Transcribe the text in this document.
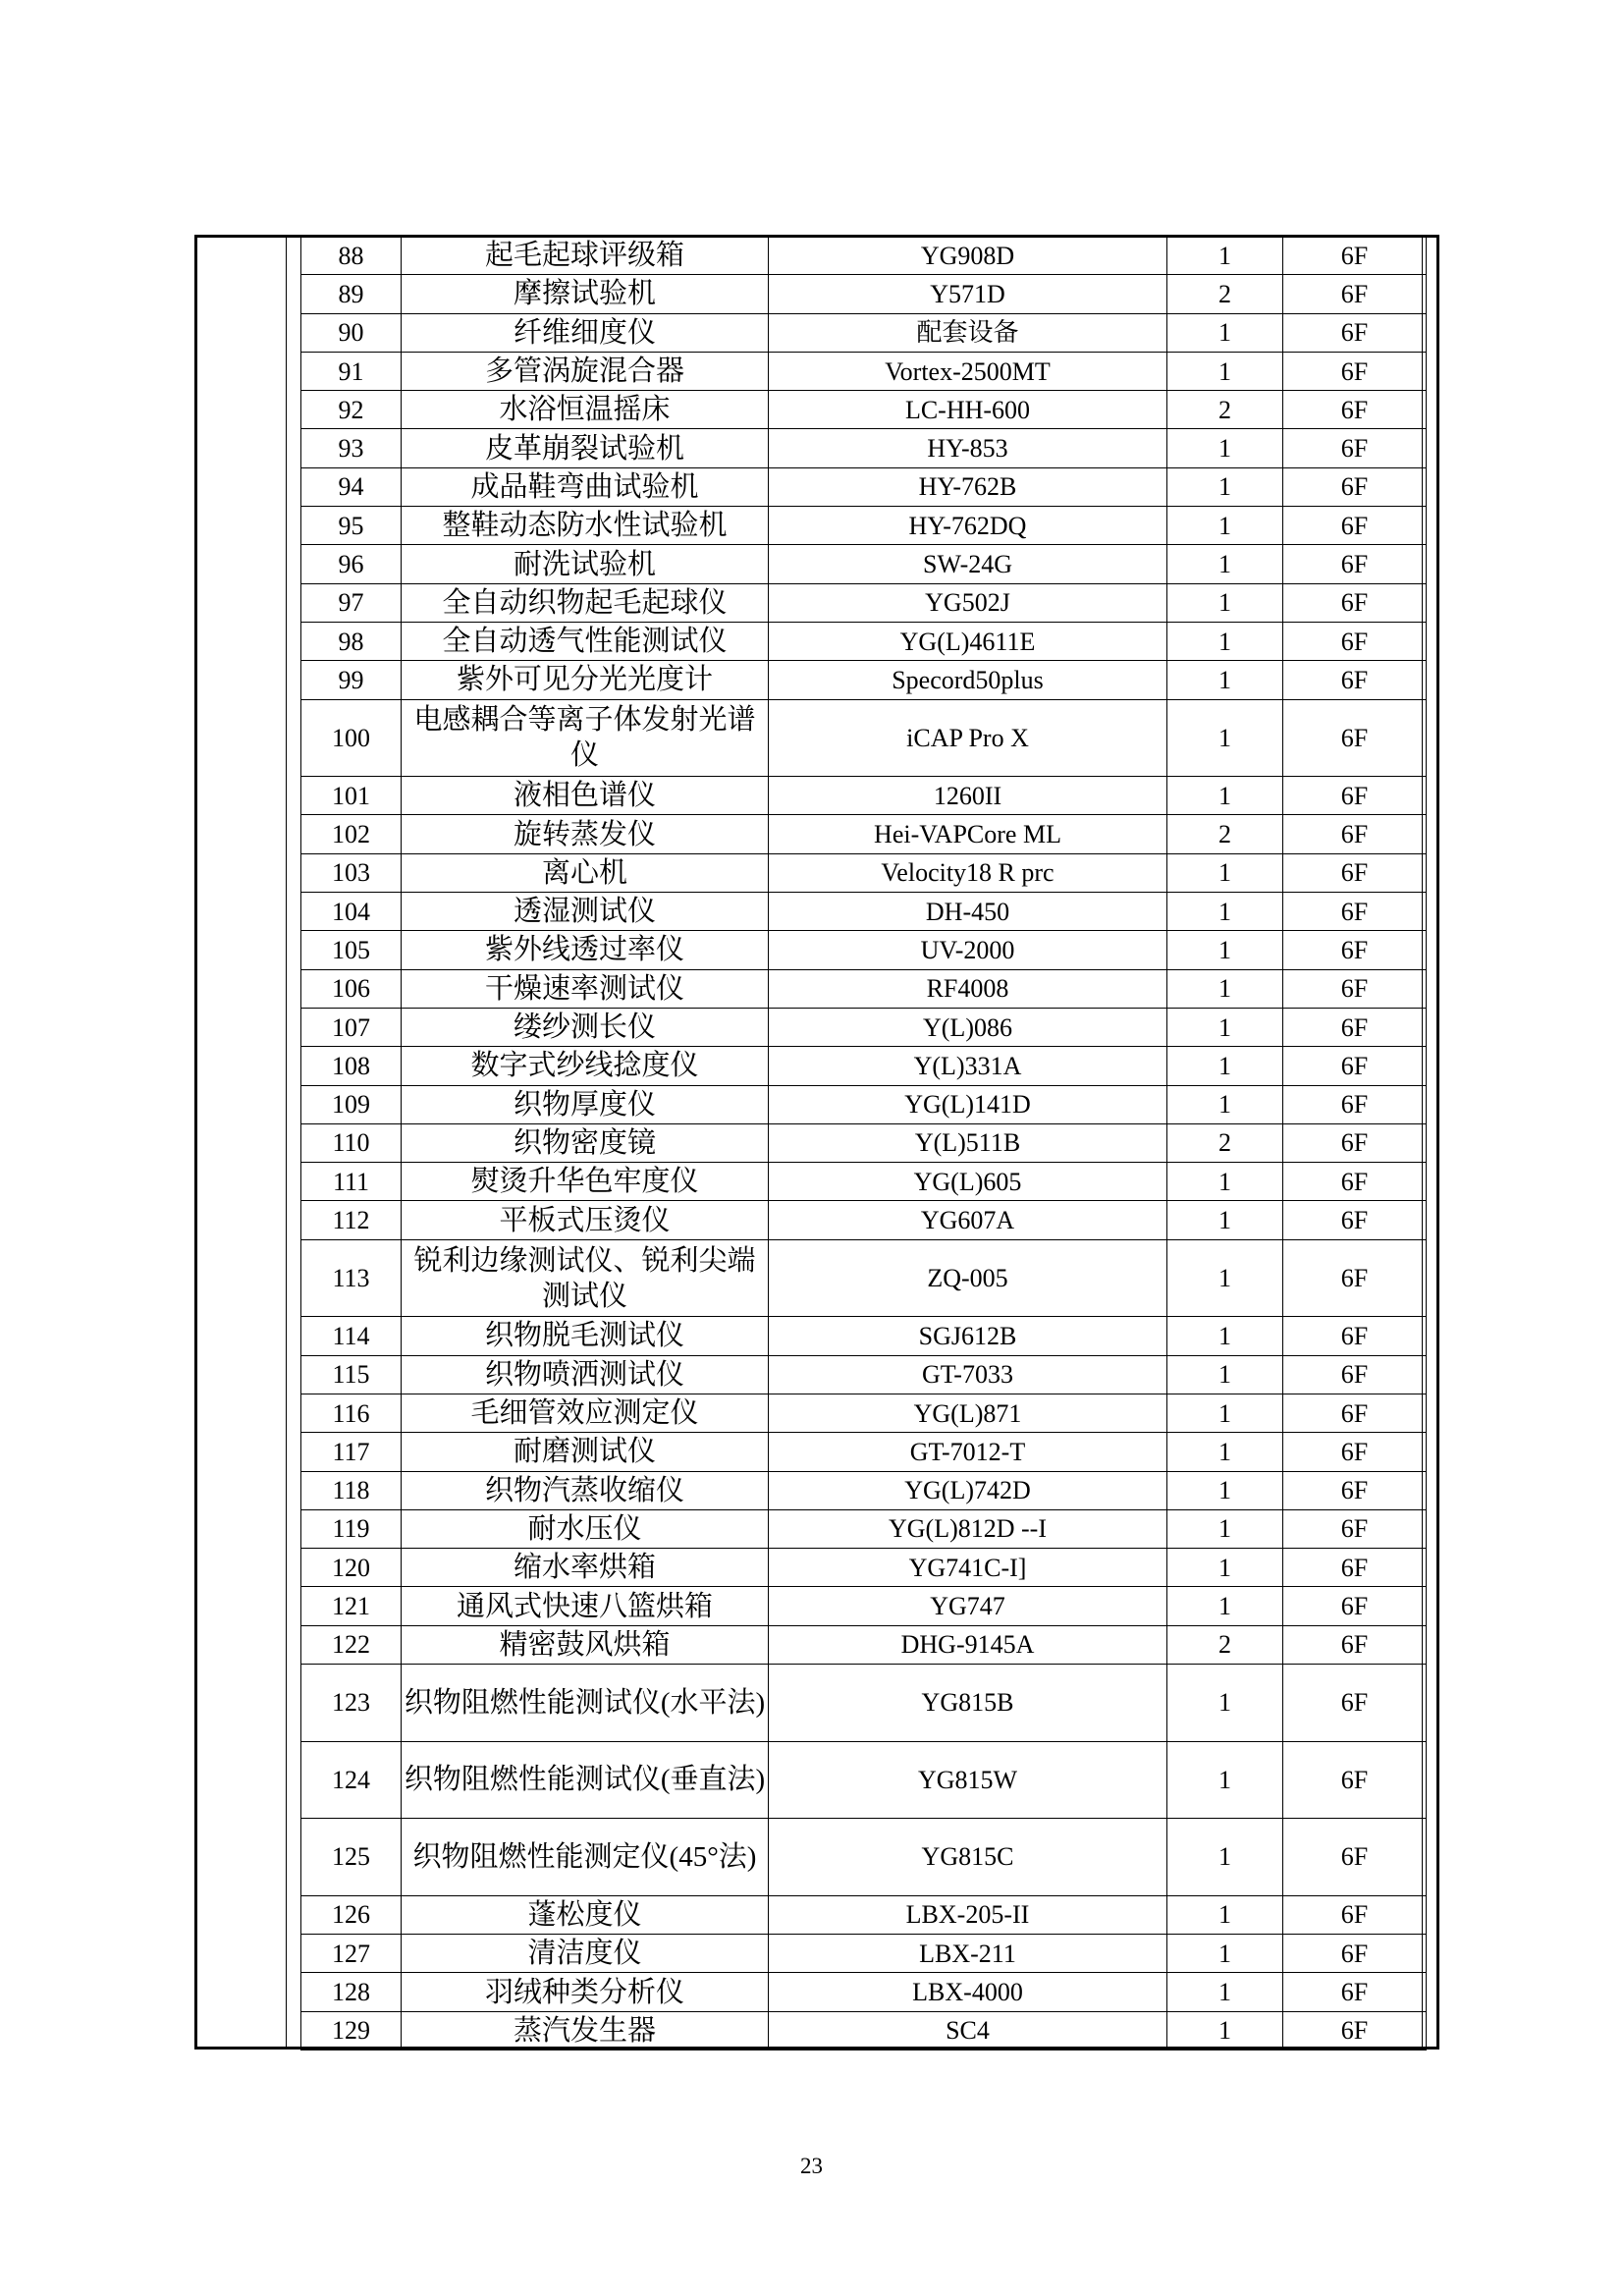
88	起毛起球评级箱	YG908D	1	6F
89	摩擦试验机	Y571D	2	6F
90	纤维细度仪	配套设备	1	6F
91	多管涡旋混合器	Vortex-2500MT	1	6F
92	水浴恒温摇床	LC-HH-600	2	6F
93	皮革崩裂试验机	HY-853	1	6F
94	成品鞋弯曲试验机	HY-762B	1	6F
95	整鞋动态防水性试验机	HY-762DQ	1	6F
96	耐洗试验机	SW-24G	1	6F
97	全自动织物起毛起球仪	YG502J	1	6F
98	全自动透气性能测试仪	YG(L)4611E	1	6F
99	紫外可见分光光度计	Specord50plus	1	6F
100	电感耦合等离子体发射光谱仪	iCAP Pro X	1	6F
101	液相色谱仪	1260II	1	6F
102	旋转蒸发仪	Hei-VAPCore ML	2	6F
103	离心机	Velocity18 R prc	1	6F
104	透湿测试仪	DH-450	1	6F
105	紫外线透过率仪	UV-2000	1	6F
106	干燥速率测试仪	RF4008	1	6F
107	缕纱测长仪	Y(L)086	1	6F
108	数字式纱线捻度仪	Y(L)331A	1	6F
109	织物厚度仪	YG(L)141D	1	6F
110	织物密度镜	Y(L)511B	2	6F
111	熨烫升华色牢度仪	YG(L)605	1	6F
112	平板式压烫仪	YG607A	1	6F
113	锐利边缘测试仪、锐利尖端测试仪	ZQ-005	1	6F
114	织物脱毛测试仪	SGJ612B	1	6F
115	织物喷洒测试仪	GT-7033	1	6F
116	毛细管效应测定仪	YG(L)871	1	6F
117	耐磨测试仪	GT-7012-T	1	6F
118	织物汽蒸收缩仪	YG(L)742D	1	6F
119	耐水压仪	YG(L)812D --I	1	6F
120	缩水率烘箱	YG741C-I]	1	6F
121	通风式快速八篮烘箱	YG747	1	6F
122	精密鼓风烘箱	DHG-9145A	2	6F
123	织物阻燃性能测试仪(水平法)	YG815B	1	6F
124	织物阻燃性能测试仪(垂直法)	YG815W	1	6F
125	织物阻燃性能测定仪(45°法)	YG815C	1	6F
126	蓬松度仪	LBX-205-II	1	6F
127	清洁度仪	LBX-211	1	6F
128	羽绒种类分析仪	LBX-4000	1	6F
129	蒸汽发生器	SC4	1	6F
23
